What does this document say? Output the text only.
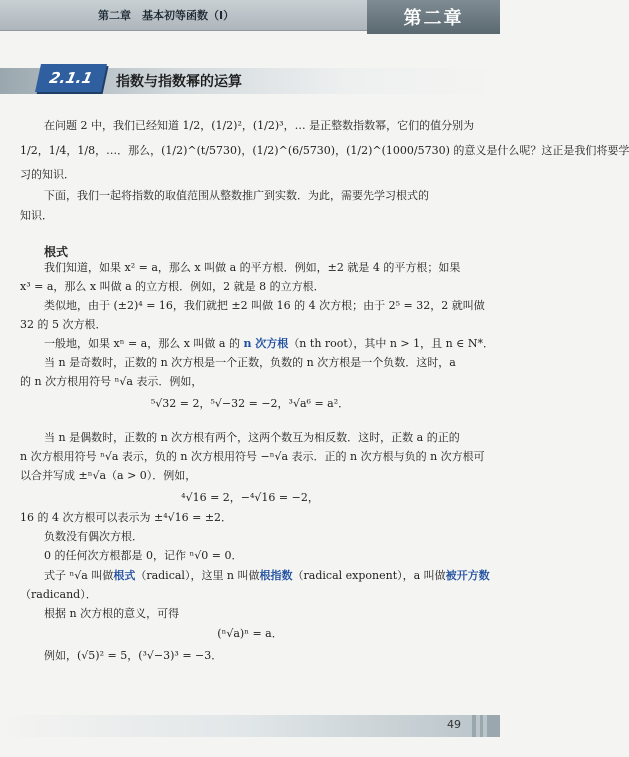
第二章　基本初等函数（Ⅰ）	第二章
2.1.1	指数与指数幂的运算
在问题 2 中，我们已经知道 1/2，(1/2)²，(1/2)³，… 是正整数指数幂，它们的值分别为
1/2，1/4，1/8，…．那么，(1/2)^(t/5730)，(1/2)^(6/5730)，(1/2)^(1000/5730) 的意义是什么呢？这正是我们将要学
习的知识．
下面，我们一起将指数的取值范围从整数推广到实数．为此，需要先学习根式的
知识．
根式
我们知道，如果 x² = a，那么 x 叫做 a 的平方根．例如，±2 就是 4 的平方根；如果
x³ = a，那么 x 叫做 a 的立方根．例如，2 就是 8 的立方根．
类似地，由于 (±2)⁴ = 16，我们就把 ±2 叫做 16 的 4 次方根；由于 2⁵ = 32，2 就叫做
32 的 5 次方根．
一般地，如果 xⁿ = a，那么 x 叫做 a 的 n 次方根（n th root），其中 n > 1，且 n ∈ N*．
当 n 是奇数时，正数的 n 次方根是一个正数，负数的 n 次方根是一个负数．这时，a
的 n 次方根用符号 ⁿ√a 表示．例如，
⁵√32 = 2，⁵√−32 = −2，³√a⁶ = a²．
当 n 是偶数时，正数的 n 次方根有两个，这两个数互为相反数．这时，正数 a 的正的
n 次方根用符号 ⁿ√a 表示，负的 n 次方根用符号 −ⁿ√a 表示．正的 n 次方根与负的 n 次方根可
以合并写成 ±ⁿ√a（a > 0）．例如，
⁴√16 = 2，−⁴√16 = −2，
16 的 4 次方根可以表示为 ±⁴√16 = ±2．
负数没有偶次方根．
0 的任何次方根都是 0，记作 ⁿ√0 = 0．
式子 ⁿ√a 叫做根式（radical），这里 n 叫做根指数（radical exponent），a 叫做被开方数
（radicand）．
根据 n 次方根的意义，可得
(ⁿ√a)ⁿ = a．
例如，(√5)² = 5，(³√−3)³ = −3．
49
